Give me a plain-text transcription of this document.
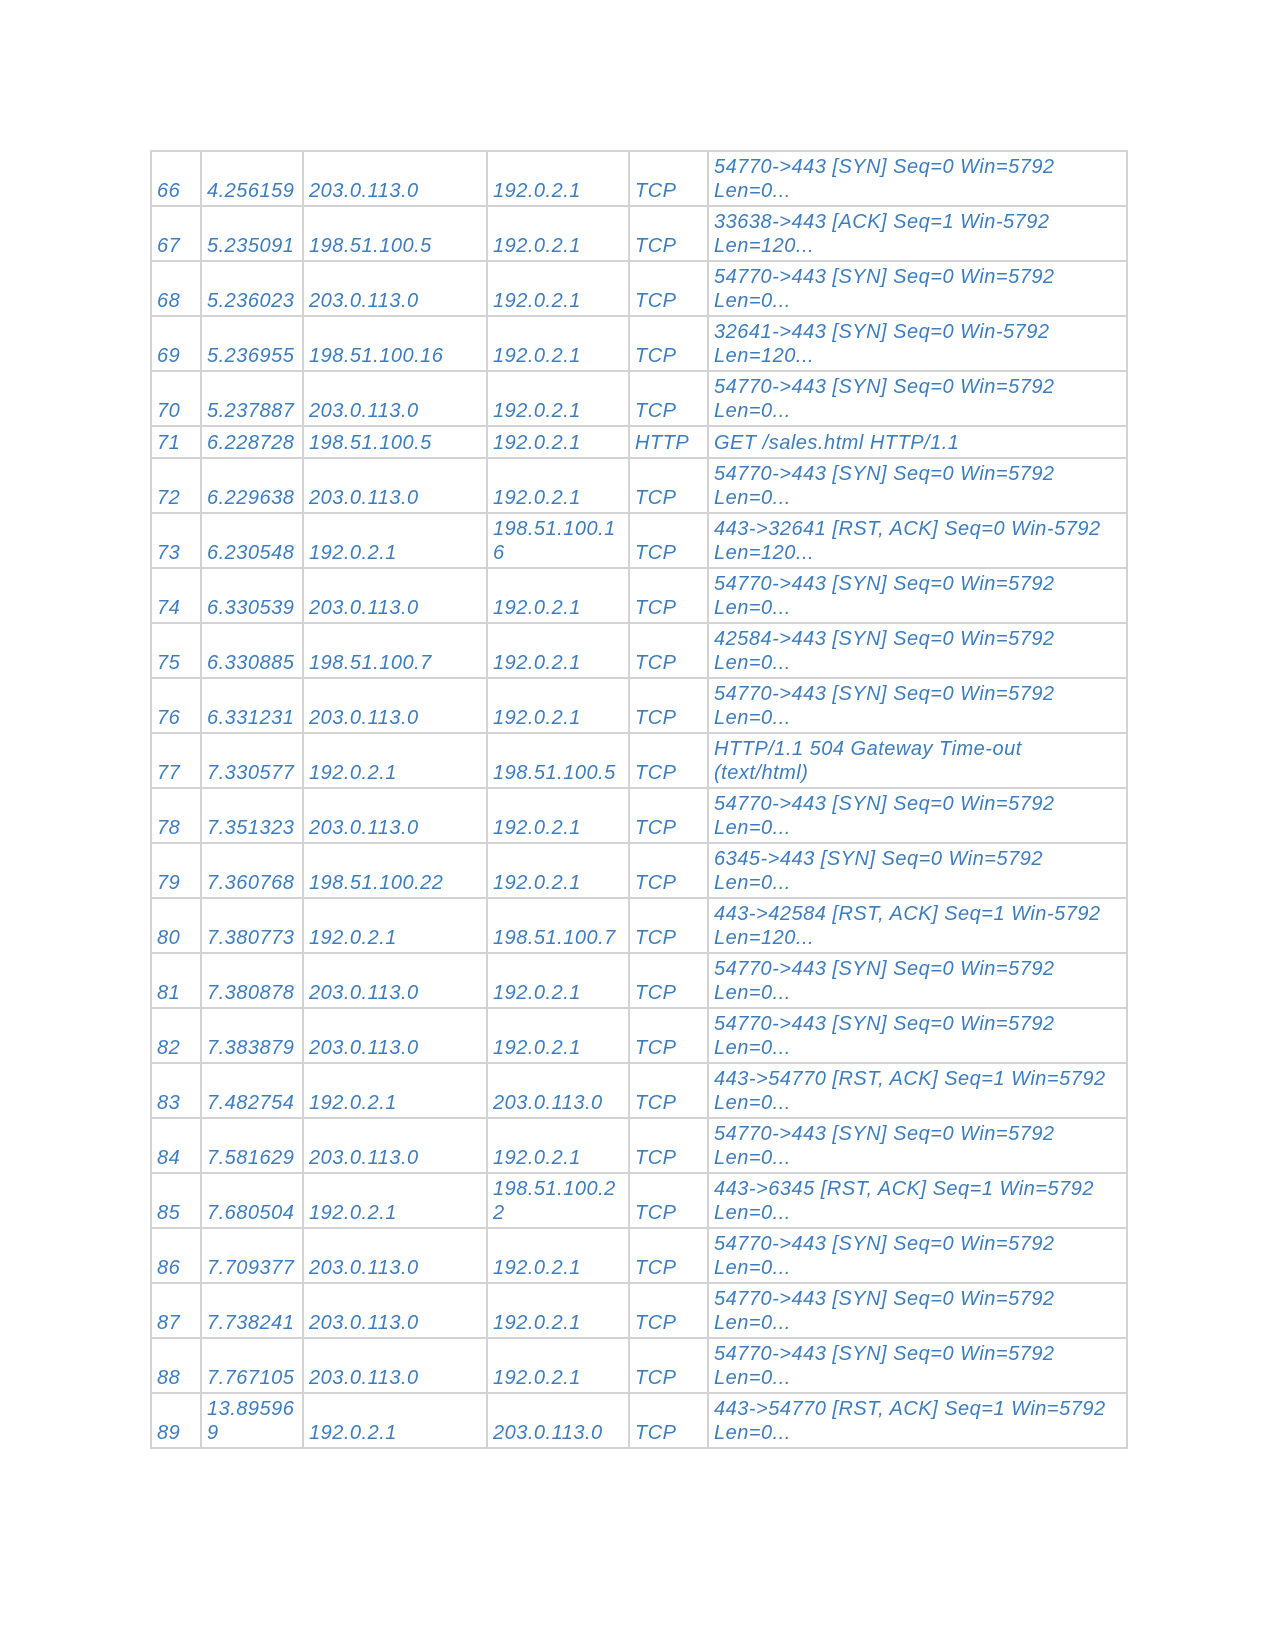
66	4.256159	203.0.113.0	192.0.2.1	TCP	54770->443 [SYN] Seq=0 Win=5792 Len=0...
67	5.235091	198.51.100.5	192.0.2.1	TCP	33638->443 [ACK] Seq=1 Win-5792 Len=120...
68	5.236023	203.0.113.0	192.0.2.1	TCP	54770->443 [SYN] Seq=0 Win=5792 Len=0...
69	5.236955	198.51.100.16	192.0.2.1	TCP	32641->443 [SYN] Seq=0 Win-5792 Len=120...
70	5.237887	203.0.113.0	192.0.2.1	TCP	54770->443 [SYN] Seq=0 Win=5792 Len=0...
71	6.228728	198.51.100.5	192.0.2.1	HTTP	GET /sales.html HTTP/1.1
72	6.229638	203.0.113.0	192.0.2.1	TCP	54770->443 [SYN] Seq=0 Win=5792 Len=0...
73	6.230548	192.0.2.1	198.51.100.16	TCP	443->32641 [RST, ACK] Seq=0 Win-5792 Len=120...
74	6.330539	203.0.113.0	192.0.2.1	TCP	54770->443 [SYN] Seq=0 Win=5792 Len=0...
75	6.330885	198.51.100.7	192.0.2.1	TCP	42584->443 [SYN] Seq=0 Win=5792 Len=0...
76	6.331231	203.0.113.0	192.0.2.1	TCP	54770->443 [SYN] Seq=0 Win=5792 Len=0...
77	7.330577	192.0.2.1	198.51.100.5	TCP	HTTP/1.1 504 Gateway Time-out (text/html)
78	7.351323	203.0.113.0	192.0.2.1	TCP	54770->443 [SYN] Seq=0 Win=5792 Len=0...
79	7.360768	198.51.100.22	192.0.2.1	TCP	6345->443 [SYN] Seq=0 Win=5792 Len=0...
80	7.380773	192.0.2.1	198.51.100.7	TCP	443->42584 [RST, ACK] Seq=1 Win-5792 Len=120...
81	7.380878	203.0.113.0	192.0.2.1	TCP	54770->443 [SYN] Seq=0 Win=5792 Len=0...
82	7.383879	203.0.113.0	192.0.2.1	TCP	54770->443 [SYN] Seq=0 Win=5792 Len=0...
83	7.482754	192.0.2.1	203.0.113.0	TCP	443->54770 [RST, ACK] Seq=1 Win=5792 Len=0...
84	7.581629	203.0.113.0	192.0.2.1	TCP	54770->443 [SYN] Seq=0 Win=5792 Len=0...
85	7.680504	192.0.2.1	198.51.100.22	TCP	443->6345 [RST, ACK] Seq=1 Win=5792 Len=0...
86	7.709377	203.0.113.0	192.0.2.1	TCP	54770->443 [SYN] Seq=0 Win=5792 Len=0...
87	7.738241	203.0.113.0	192.0.2.1	TCP	54770->443 [SYN] Seq=0 Win=5792 Len=0...
88	7.767105	203.0.113.0	192.0.2.1	TCP	54770->443 [SYN] Seq=0 Win=5792 Len=0...
89	13.895969	192.0.2.1	203.0.113.0	TCP	443->54770 [RST, ACK] Seq=1 Win=5792 Len=0...
